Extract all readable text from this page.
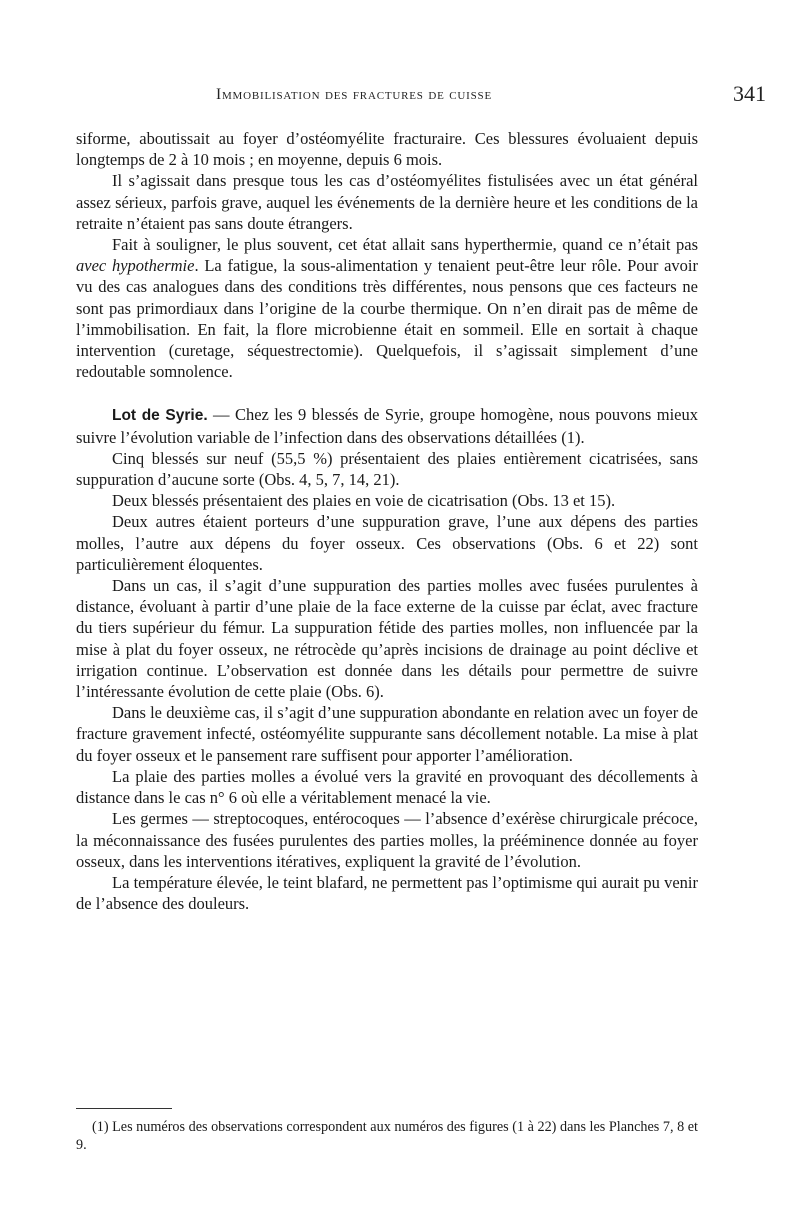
Immobilisation des fractures de cuisse	341

siforme, aboutissait au foyer d’ostéomyélite fracturaire. Ces blessures évoluaient depuis longtemps de 2 à 10 mois ; en moyenne, depuis 6 mois.

Il s’agissait dans presque tous les cas d’ostéomyélites fistulisées avec un état général assez sérieux, parfois grave, auquel les événements de la dernière heure et les conditions de la retraite n’étaient pas sans doute étrangers.

Fait à souligner, le plus souvent, cet état allait sans hyperthermie, quand ce n’était pas avec hypothermie. La fatigue, la sous-alimentation y tenaient peut-être leur rôle. Pour avoir vu des cas analogues dans des conditions très différentes, nous pensons que ces facteurs ne sont pas primordiaux dans l’origine de la courbe thermique. On n’en dirait pas de même de l’immobilisation. En fait, la flore microbienne était en sommeil. Elle en sortait à chaque intervention (curetage, séquestrectomie). Quelquefois, il s’agissait simplement d’une redoutable somnolence.

Lot de Syrie. — Chez les 9 blessés de Syrie, groupe homogène, nous pouvons mieux suivre l’évolution variable de l’infection dans des observations détaillées (1).

Cinq blessés sur neuf (55,5 %) présentaient des plaies entièrement cicatrisées, sans suppuration d’aucune sorte (Obs. 4, 5, 7, 14, 21).

Deux blessés présentaient des plaies en voie de cicatrisation (Obs. 13 et 15).

Deux autres étaient porteurs d’une suppuration grave, l’une aux dépens des parties molles, l’autre aux dépens du foyer osseux. Ces observations (Obs. 6 et 22) sont particulièrement éloquentes.

Dans un cas, il s’agit d’une suppuration des parties molles avec fusées purulentes à distance, évoluant à partir d’une plaie de la face externe de la cuisse par éclat, avec fracture du tiers supérieur du fémur. La suppuration fétide des parties molles, non influencée par la mise à plat du foyer osseux, ne rétrocède qu’après incisions de drainage au point déclive et irrigation continue. L’observation est donnée dans les détails pour permettre de suivre l’intéressante évolution de cette plaie (Obs. 6).

Dans le deuxième cas, il s’agit d’une suppuration abondante en relation avec un foyer de fracture gravement infecté, ostéomyélite suppurante sans décollement notable. La mise à plat du foyer osseux et le pansement rare suffisent pour apporter l’amélioration.

La plaie des parties molles a évolué vers la gravité en provoquant des décollements à distance dans le cas n° 6 où elle a véritablement menacé la vie.

Les germes — streptocoques, entérocoques — l’absence d’exérèse chirurgicale précoce, la méconnaissance des fusées purulentes des parties molles, la prééminence donnée au foyer osseux, dans les interventions itératives, expliquent la gravité de l’évolution.

La température élevée, le teint blafard, ne permettent pas l’optimisme qui aurait pu venir de l’absence des douleurs.

(1) Les numéros des observations correspondent aux numéros des figures (1 à 22) dans les Planches 7, 8 et 9.
